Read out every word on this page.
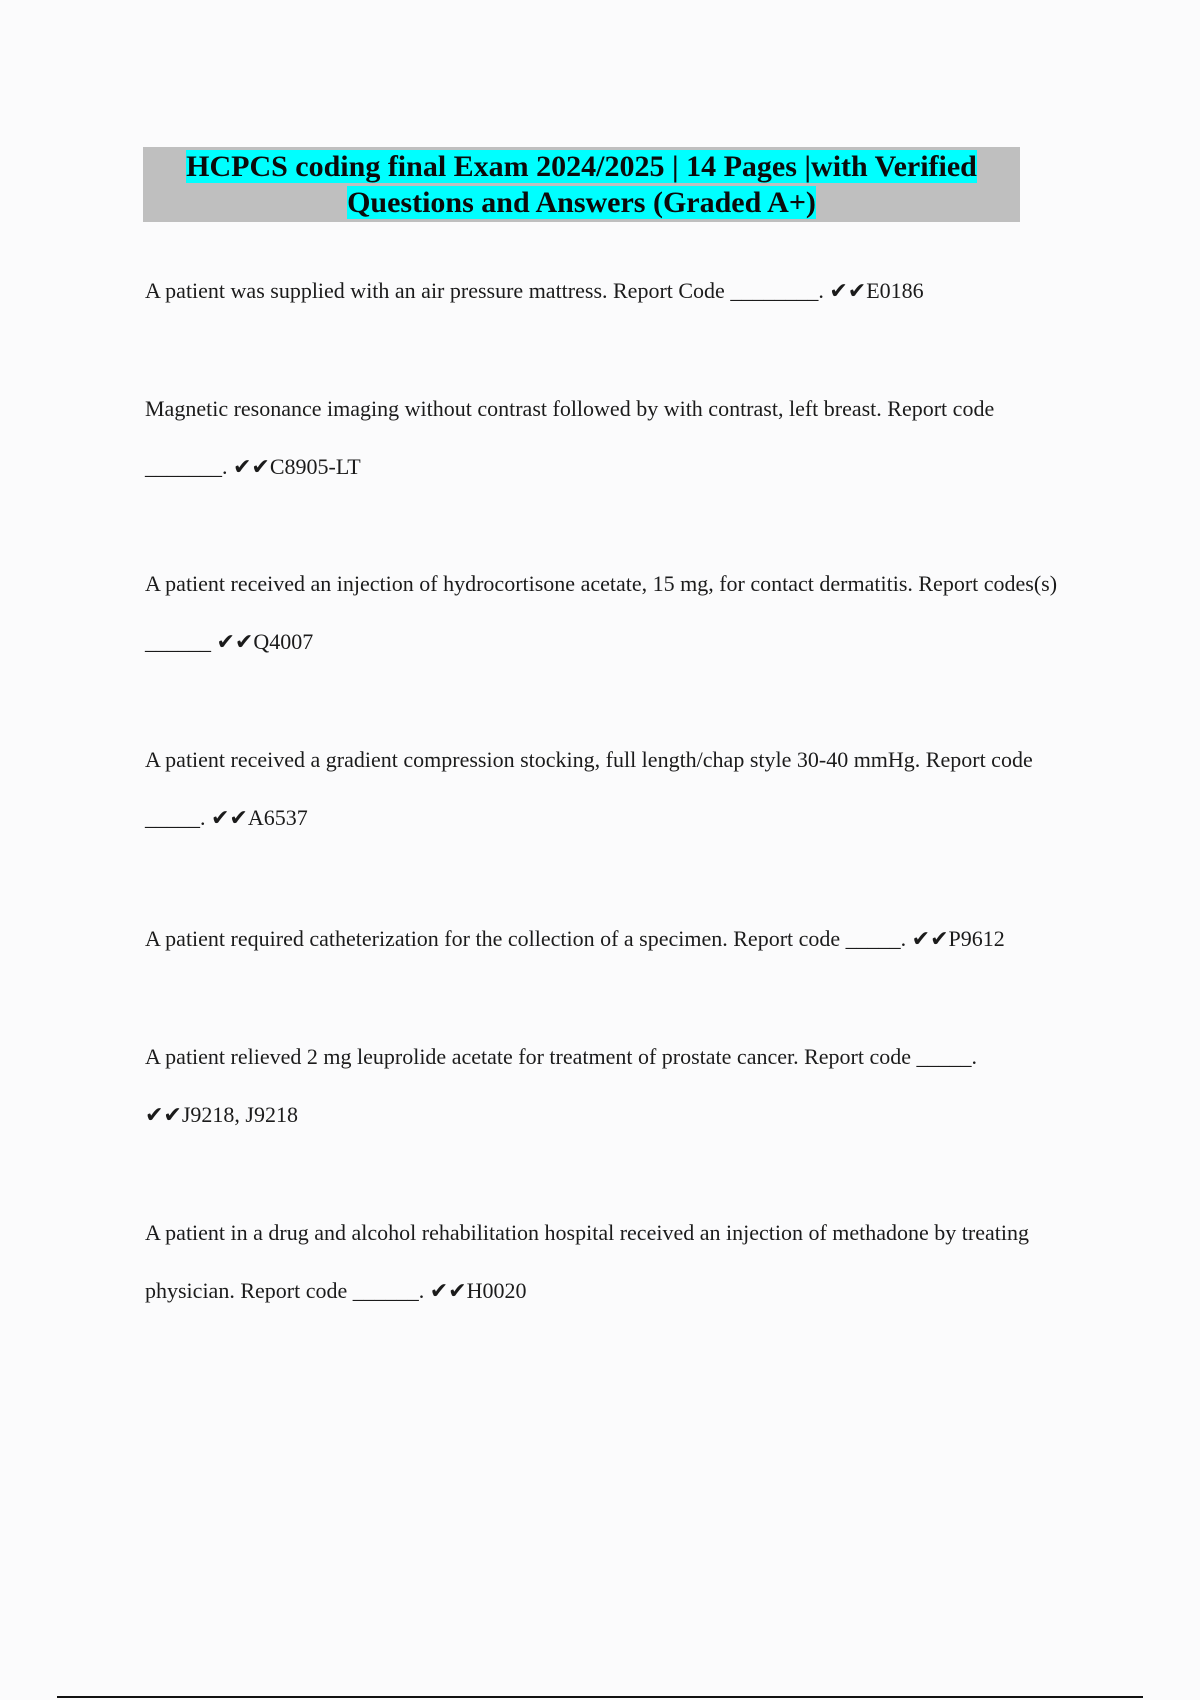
HCPCS coding final Exam 2024/2025 | 14 Pages |with Verified
Questions and Answers (Graded A+)

A patient was supplied with an air pressure mattress. Report Code ________. ✔✔E0186

Magnetic resonance imaging without contrast followed by with contrast, left breast. Report code _______. ✔✔C8905-LT

A patient received an injection of hydrocortisone acetate, 15 mg, for contact dermatitis. Report codes(s) ______ ✔✔Q4007

A patient received a gradient compression stocking, full length/chap style 30-40 mmHg. Report code _____. ✔✔A6537

A patient required catheterization for the collection of a specimen. Report code _____. ✔✔P9612

A patient relieved 2 mg leuprolide acetate for treatment of prostate cancer. Report code _____. ✔✔J9218, J9218

A patient in a drug and alcohol rehabilitation hospital received an injection of methadone by treating physician. Report code ______. ✔✔H0020
